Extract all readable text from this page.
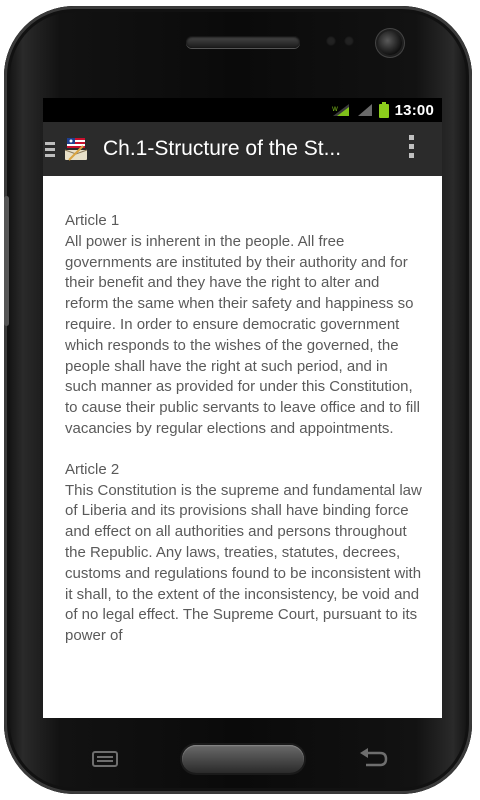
W	13:00
Ch.1-Structure of the St...

Article 1

All power is inherent in the people. All free governments are instituted by their authority and for their benefit and they have the right to alter and reform the same when their safety and happiness so require. In order to ensure democratic government which responds to the wishes of the governed, the people shall have the right at such period, and in such manner as provided for under this Constitution, to cause their public servants to leave office and to fill vacancies by regular elections and appointments.

Article 2

This Constitution is the supreme and fundamental law of Liberia and its provisions shall have binding force and effect on all authorities and persons throughout the Republic. Any laws, treaties, statutes, decrees, customs and regulations found to be inconsistent with it shall, to the extent of the inconsistency, be void and of no legal effect. The Supreme Court, pursuant to its power of
